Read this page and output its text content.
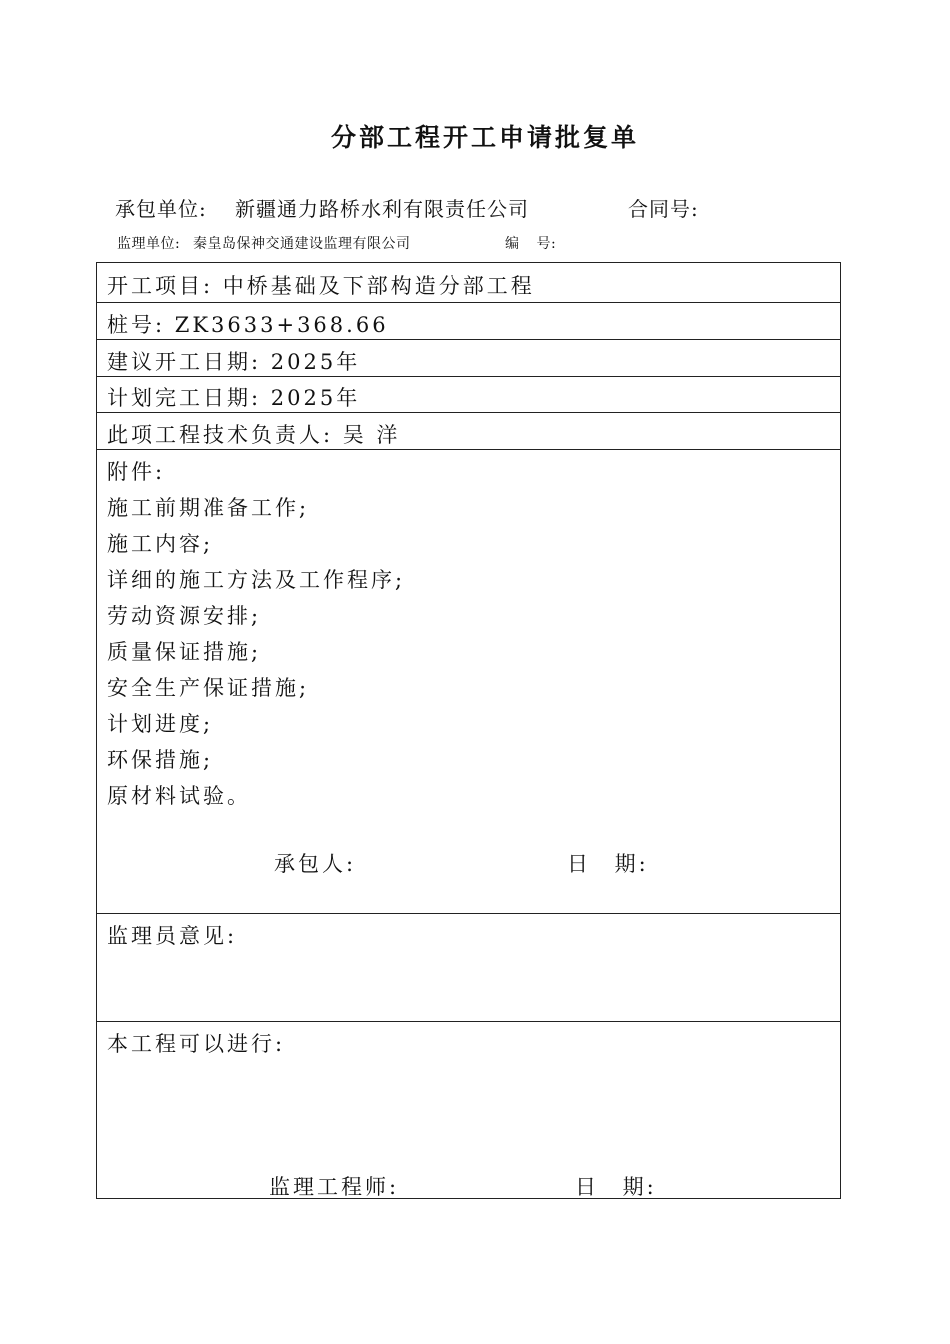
分部工程开工申请批复单
承包单位: 新疆通力路桥水利有限责任公司	合同号:
监理单位: 秦皇岛保神交通建设监理有限公司	编 号:
开工项目: 中桥基础及下部构造分部工程
桩号: ZK3633+368.66
建议开工日期: 2025年
计划完工日期: 2025年
此项工程技术负责人: 吴 洋
附件:
施工前期准备工作;
施工内容;
详细的施工方法及工作程序;
劳动资源安排;
质量保证措施;
安全生产保证措施;
计划进度;
环保措施;
原材料试验。
承包人:	日 期:
监理员意见:
本工程可以进行:
监理工程师:	日 期:
